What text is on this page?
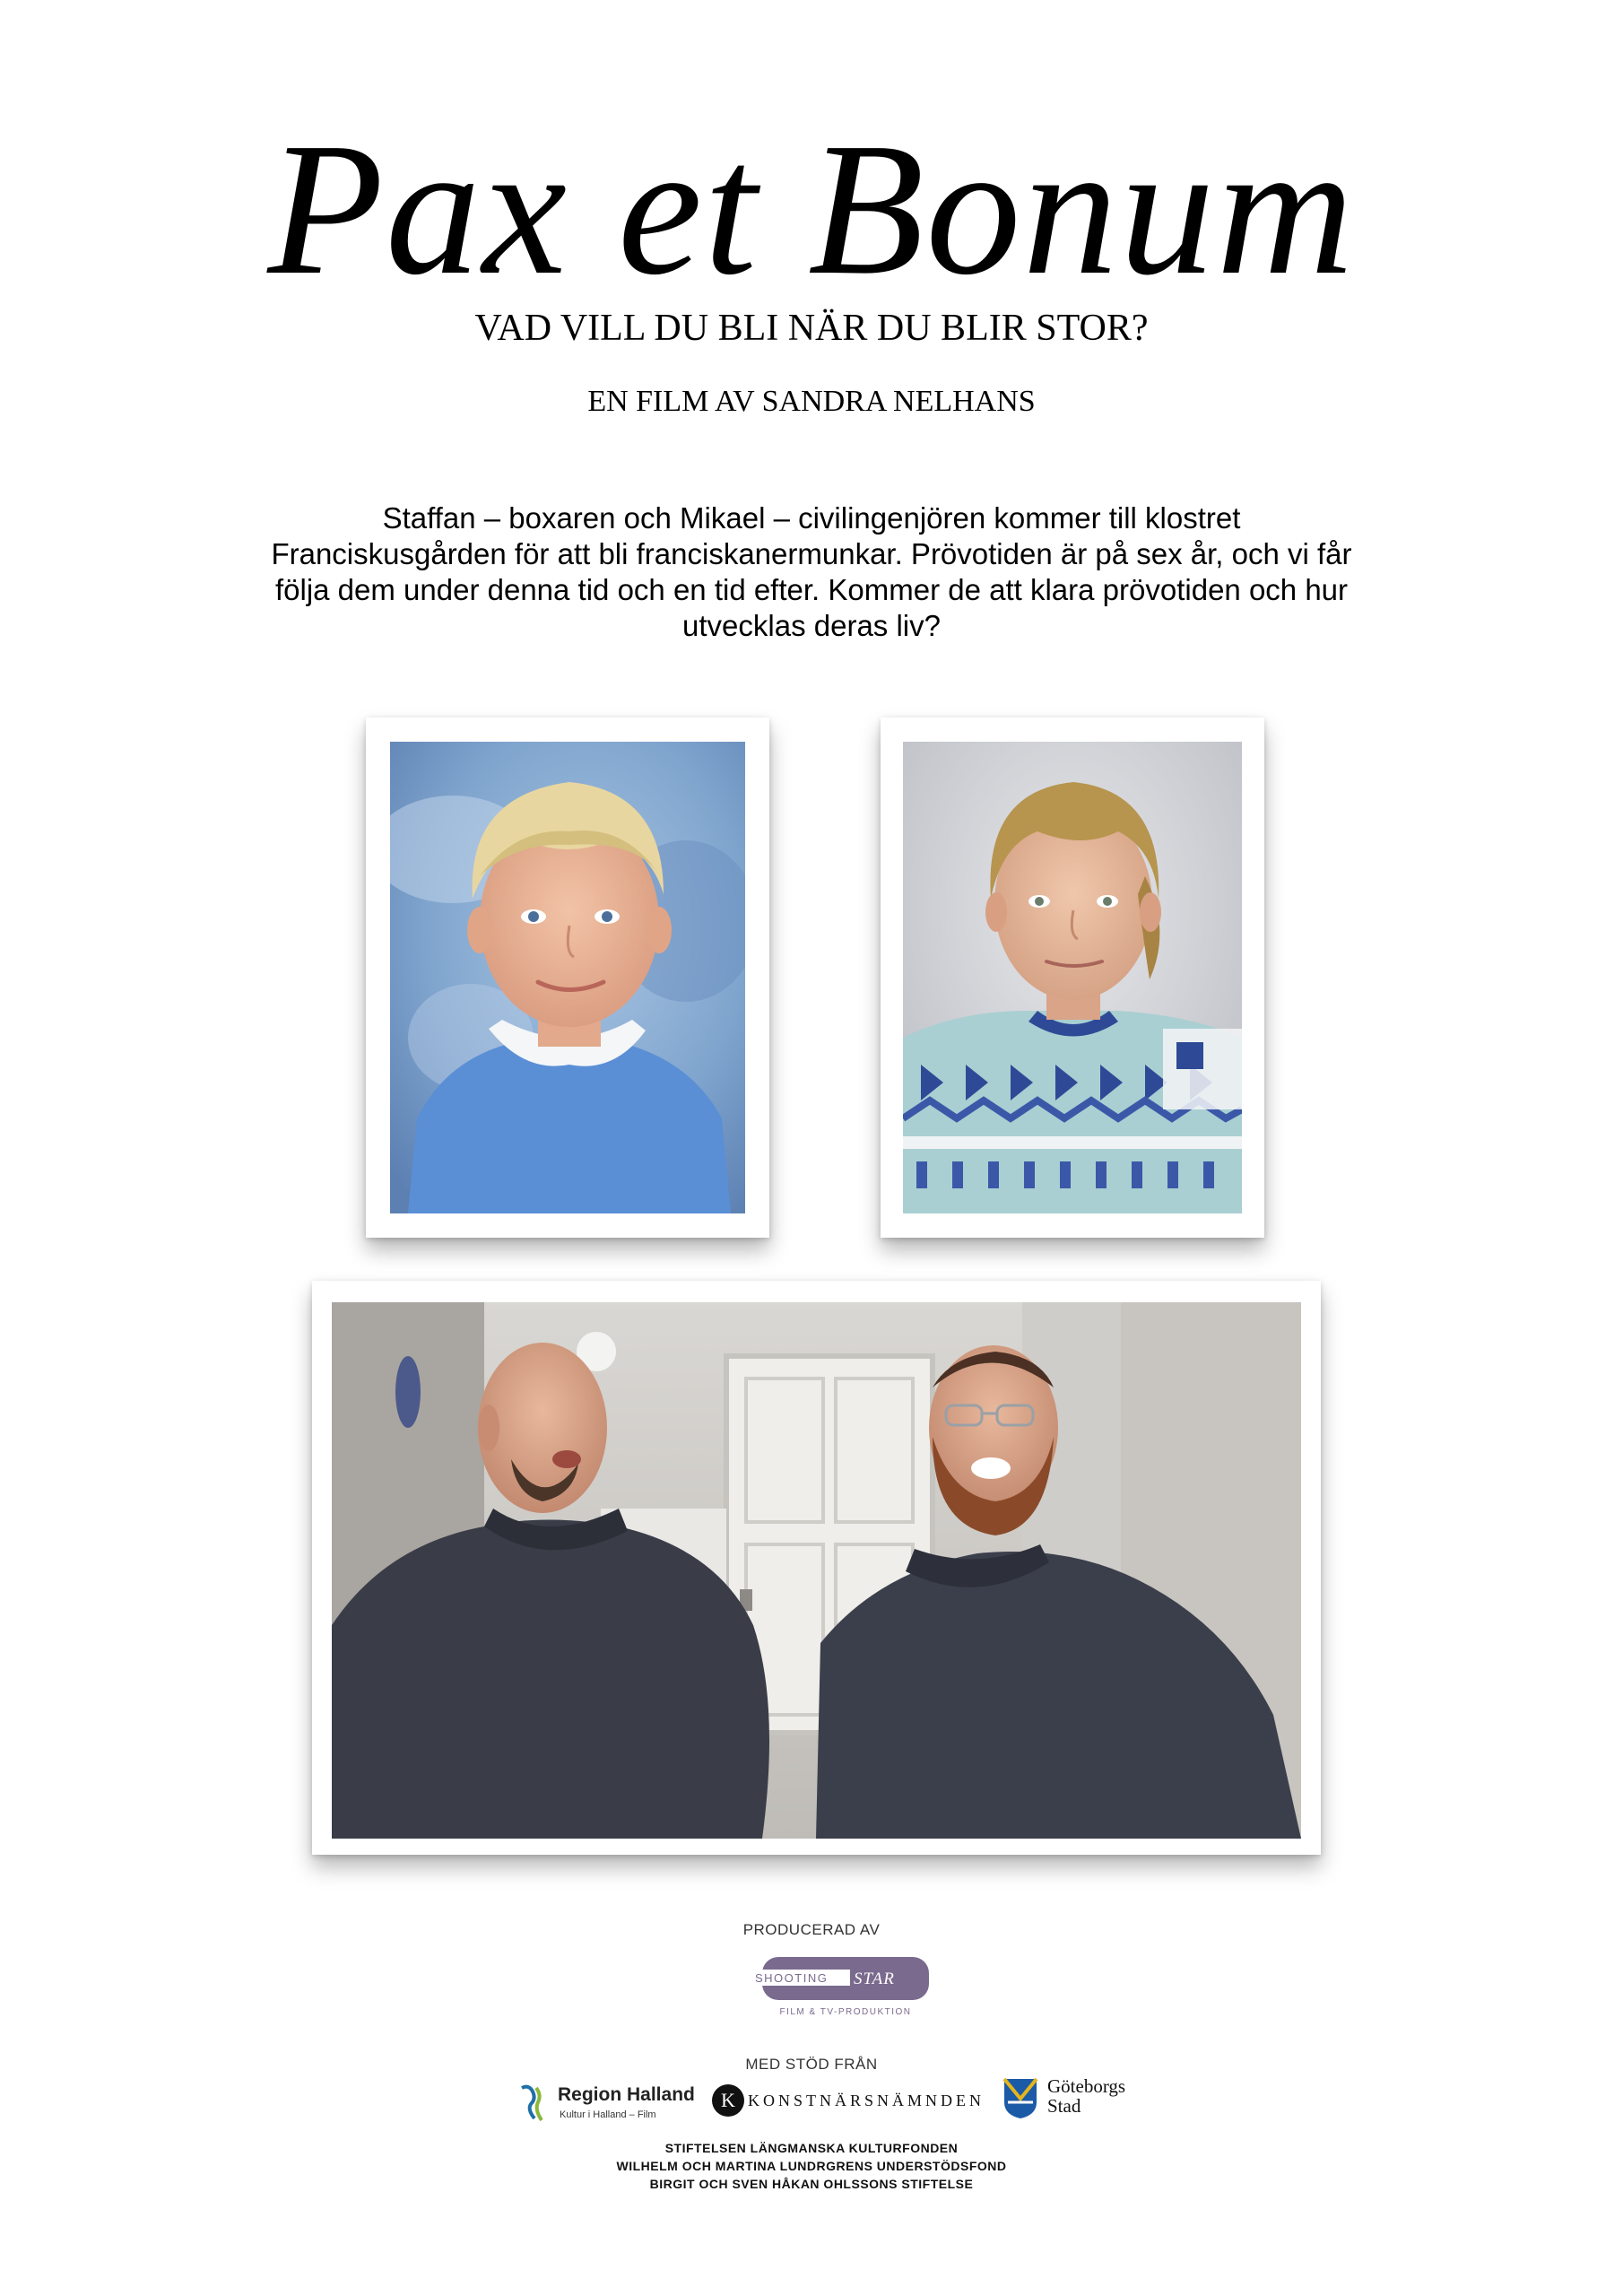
Pax et Bonum
VAD VILL DU BLI NÄR DU BLIR STOR?
EN FILM AV SANDRA NELHANS
Staffan – boxaren och Mikael – civilingenjören kommer till klostret Franciskusgården för att bli franciskanermunkar. Prövotiden är på sex år, och vi får följa dem under denna tid och en tid efter. Kommer de att klara prövotiden och hur utvecklas deras liv?
PRODUCERAD AV
SHOOTING STAR
FILM & TV-PRODUKTION
MED STÖD FRÅN
Region Halland
Kultur i Halland – Film
K KONSTNÄRSNÄMNDEN
Göteborgs
Stad
STIFTELSEN LÄNGMANSKA KULTURFONDEN
WILHELM OCH MARTINA LUNDRGRENS UNDERSTÖDSFOND
BIRGIT OCH SVEN HÅKAN OHLSSONS STIFTELSE
